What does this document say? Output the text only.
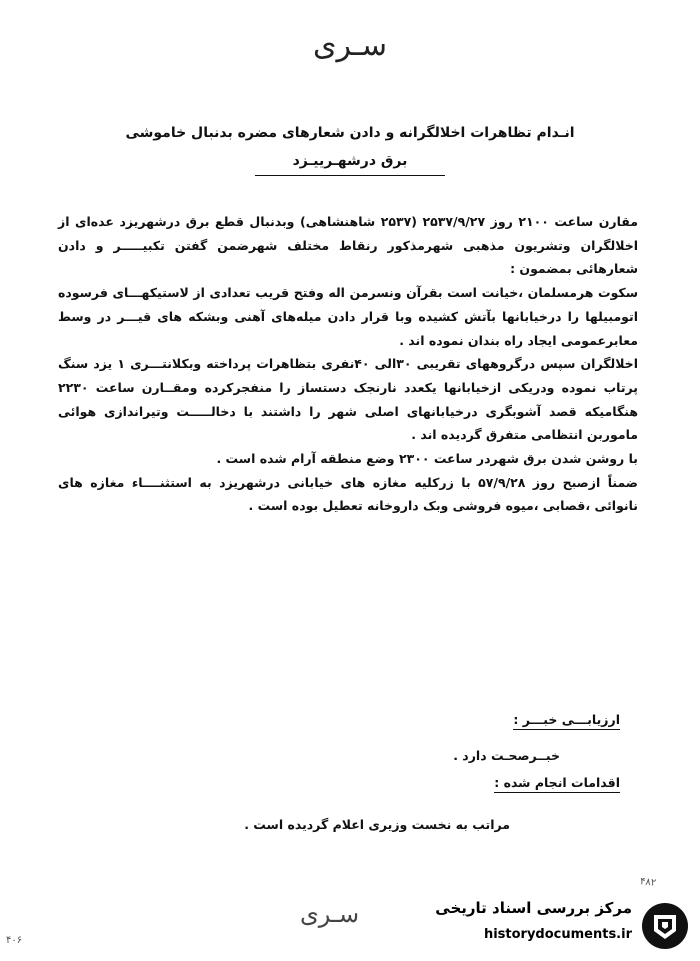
سـری
انـدام تظاهرات اخلالگرانه و دادن شعارهای مضره بدنبال خاموشی
برق درشهـرییـزد

مقارن ساعت ۲۱۰۰ روز ۲۵۳۷/۹/۲۷ (۲۵۳۷ شاهنشاهی) وبدنبال قطع برق درشهریزد عده‌ای از اخلالگران وتشریون مذهبی شهرمذکور رنقاط مختلف شهرضمن گفتن تکبیـــــر و دادن شعارهائی بمضمون :

سکوت هرمسلمان ،خیانت است بقرآن ونسرمن اله وفتح قریب تعدادی از لاستیکهـــای فرسوده اتومبیلها را درخیابانها بآتش کشیده وبا قرار دادن میله‌های آهنی وبشکه های قیـــر در وسط معابرعمومی ایجاد راه بندان نموده اند .

اخلالگران سپس درگروههای تقریبی ۳۰الی ۴۰نفری بتظاهرات پرداخته وبکلانتـــری ۱ یزد سنگ پرتاب نموده ودریکی ازخیابانها یکعدد نارنجک دستساز را منفجرکرده ومقــارن ساعت ۲۲۳۰ هنگامیکه قصد آشوبگری درخیابانهای اصلی شهر را داشتند با دخالـــــت وتیراندازی هوائی ماموربن انتظامی متفرق گردیده اند .

با روشن شدن برق شهردر ساعت ۲۳۰۰ وضع منطقه آرام شده است .

ضمناً ازصبح روز ۵۷/۹/۲۸ با زرکلیه مغازه های خیابانی درشهریزد به استثنــــاء مغازه های نانوائی ،قصابی ،میوه فروشی وبک داروخانه تعطیل بوده است .

ارزیابـــی خبـــر :
خبــرصحـت دارد .
اقدامات انجام شده :
مراتب به نخست وزیری اعلام گردیده است .
سـری
۴۸۲
۴۰۶
مرکز بررسی اسناد تاریخی
historydocuments.ir
